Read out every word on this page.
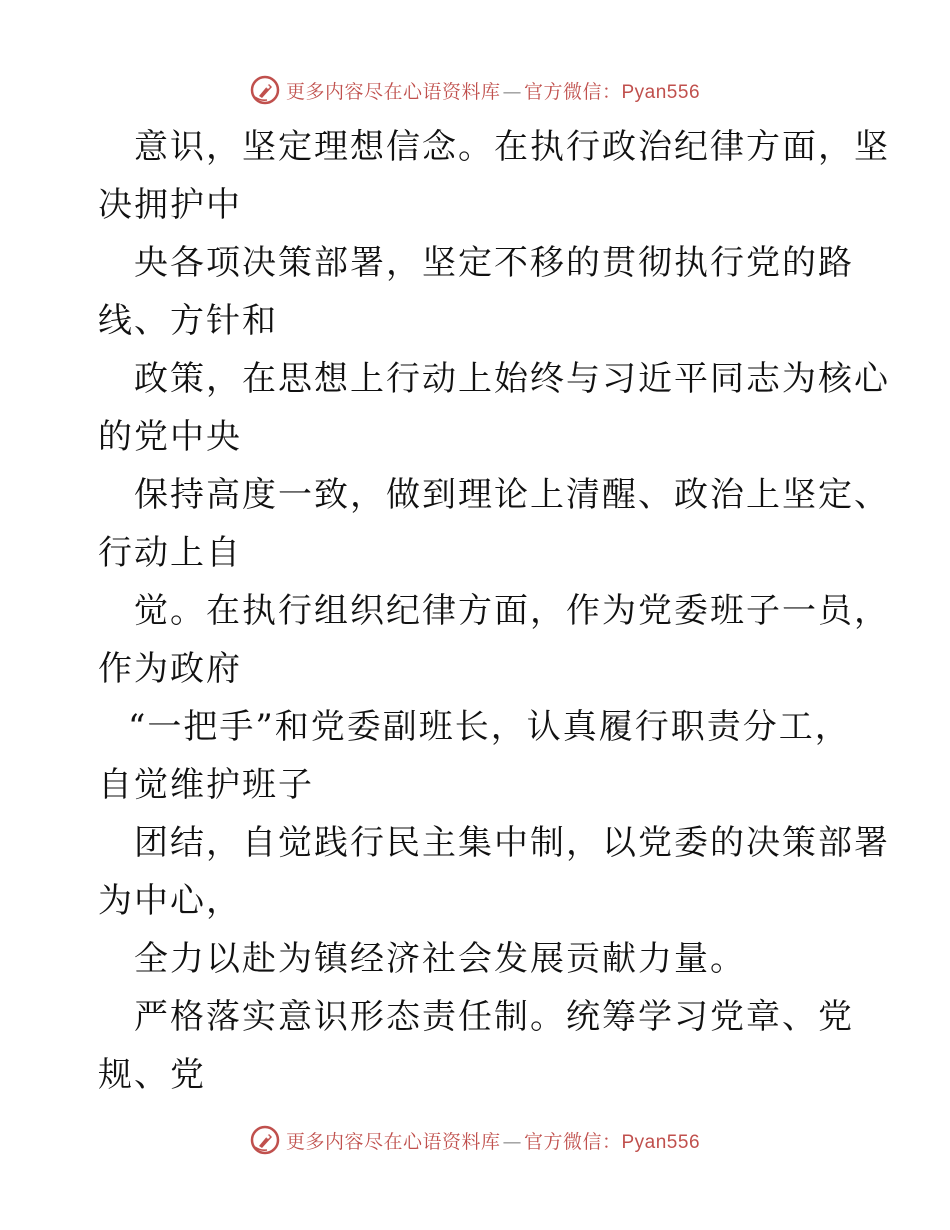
更多内容尽在心语资料库 — 官方微信：Pyan556
意识，坚定理想信念。在执行政治纪律方面，坚
决拥护中
央各项决策部署，坚定不移的贯彻执行党的路
线、方针和
政策，在思想上行动上始终与习近平同志为核心
的党中央
保持高度一致，做到理论上清醒、政治上坚定、
行动上自
觉。在执行组织纪律方面，作为党委班子一员，
作为政府
“一把手”和党委副班长，认真履行职责分工，
自觉维护班子
团结，自觉践行民主集中制，以党委的决策部署
为中心，
全力以赴为镇经济社会发展贡献力量。
严格落实意识形态责任制。统筹学习党章、党
规、党
更多内容尽在心语资料库 — 官方微信：Pyan556
